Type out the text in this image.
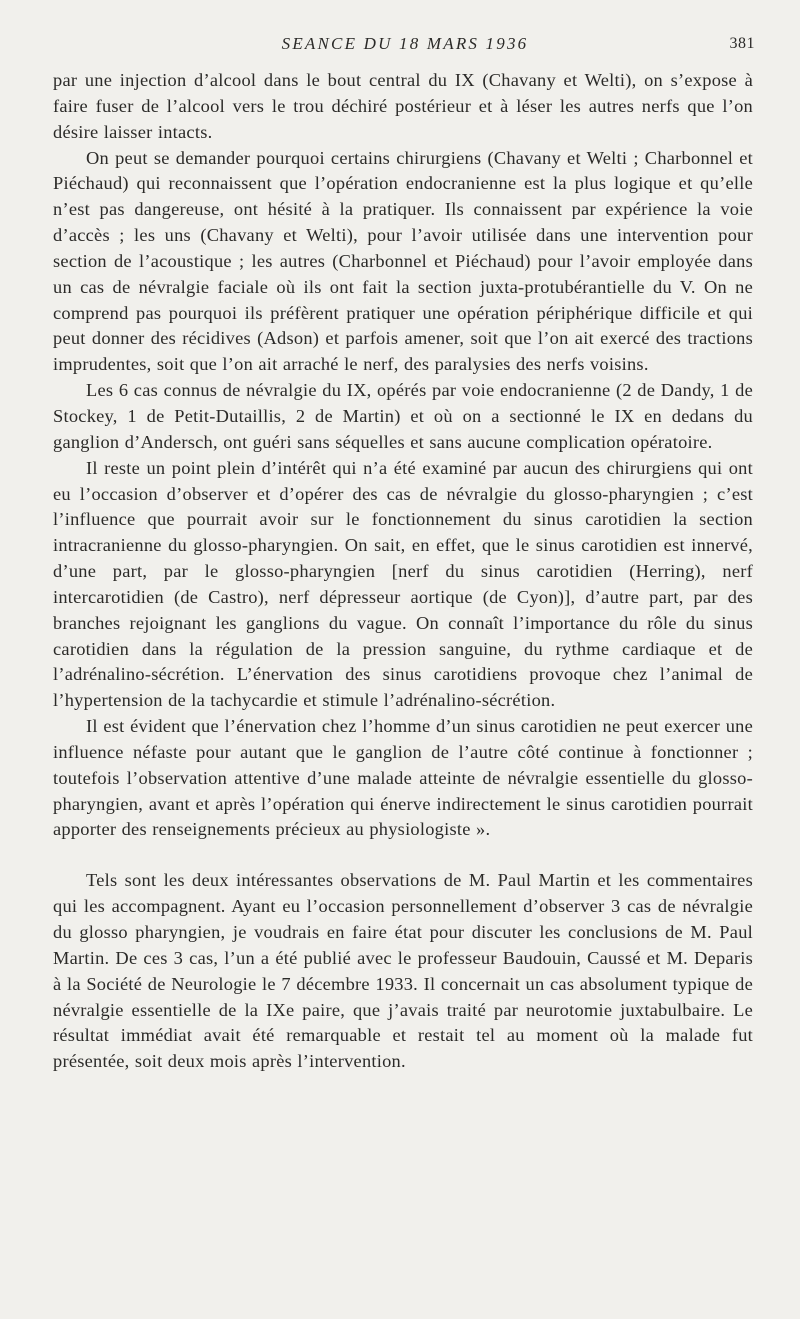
SEANCE DU 18 MARS 1936	381

par une injection d’alcool dans le bout central du IX (Chavany et Welti), on s’expose à faire fuser de l’alcool vers le trou déchiré postérieur et à léser les autres nerfs que l’on désire laisser intacts.

On peut se demander pourquoi certains chirurgiens (Chavany et Welti ; Charbonnel et Piéchaud) qui reconnaissent que l’opération endocranienne est la plus logique et qu’elle n’est pas dangereuse, ont hésité à la pratiquer. Ils connaissent par expérience la voie d’accès ; les uns (Chavany et Welti), pour l’avoir utilisée dans une intervention pour section de l’acoustique ; les autres (Charbonnel et Piéchaud) pour l’avoir employée dans un cas de névralgie faciale où ils ont fait la section juxta-protubérantielle du V. On ne comprend pas pourquoi ils préfèrent pratiquer une opération périphérique difficile et qui peut donner des récidives (Adson) et parfois amener, soit que l’on ait exercé des tractions imprudentes, soit que l’on ait arraché le nerf, des paralysies des nerfs voisins.

Les 6 cas connus de névralgie du IX, opérés par voie endocranienne (2 de Dandy, 1 de Stockey, 1 de Petit-Dutaillis, 2 de Martin) et où on a sectionné le IX en dedans du ganglion d’Andersch, ont guéri sans séquelles et sans aucune complication opératoire.

Il reste un point plein d’intérêt qui n’a été examiné par aucun des chirurgiens qui ont eu l’occasion d’observer et d’opérer des cas de névralgie du glosso-pharyngien ; c’est l’influence que pourrait avoir sur le fonctionnement du sinus carotidien la section intracranienne du glosso-pharyngien. On sait, en effet, que le sinus carotidien est innervé, d’une part, par le glosso-pharyngien [nerf du sinus carotidien (Herring), nerf intercarotidien (de Castro), nerf dépresseur aortique (de Cyon)], d’autre part, par des branches rejoignant les ganglions du vague. On connaît l’importance du rôle du sinus carotidien dans la régulation de la pression sanguine, du rythme cardiaque et de l’adrénalino-sécrétion. L’énervation des sinus carotidiens provoque chez l’animal de l’hypertension de la tachycardie et stimule l’adrénalino-sécrétion.

Il est évident que l’énervation chez l’homme d’un sinus carotidien ne peut exercer une influence néfaste pour autant que le ganglion de l’autre côté continue à fonctionner ; toutefois l’observation attentive d’une malade atteinte de névralgie essentielle du glosso-pharyngien, avant et après l’opération qui énerve indirectement le sinus carotidien pourrait apporter des renseignements précieux au physiologiste ».

Tels sont les deux intéressantes observations de M. Paul Martin et les commentaires qui les accompagnent. Ayant eu l’occasion personnellement d’observer 3 cas de névralgie du glosso pharyngien, je voudrais en faire état pour discuter les conclusions de M. Paul Martin. De ces 3 cas, l’un a été publié avec le professeur Baudouin, Caussé et M. Deparis à la Société de Neurologie le 7 décembre 1933. Il concernait un cas absolument typique de névralgie essentielle de la IXe paire, que j’avais traité par neurotomie juxtabulbaire. Le résultat immédiat avait été remarquable et restait tel au moment où la malade fut présentée, soit deux mois après l’intervention.
